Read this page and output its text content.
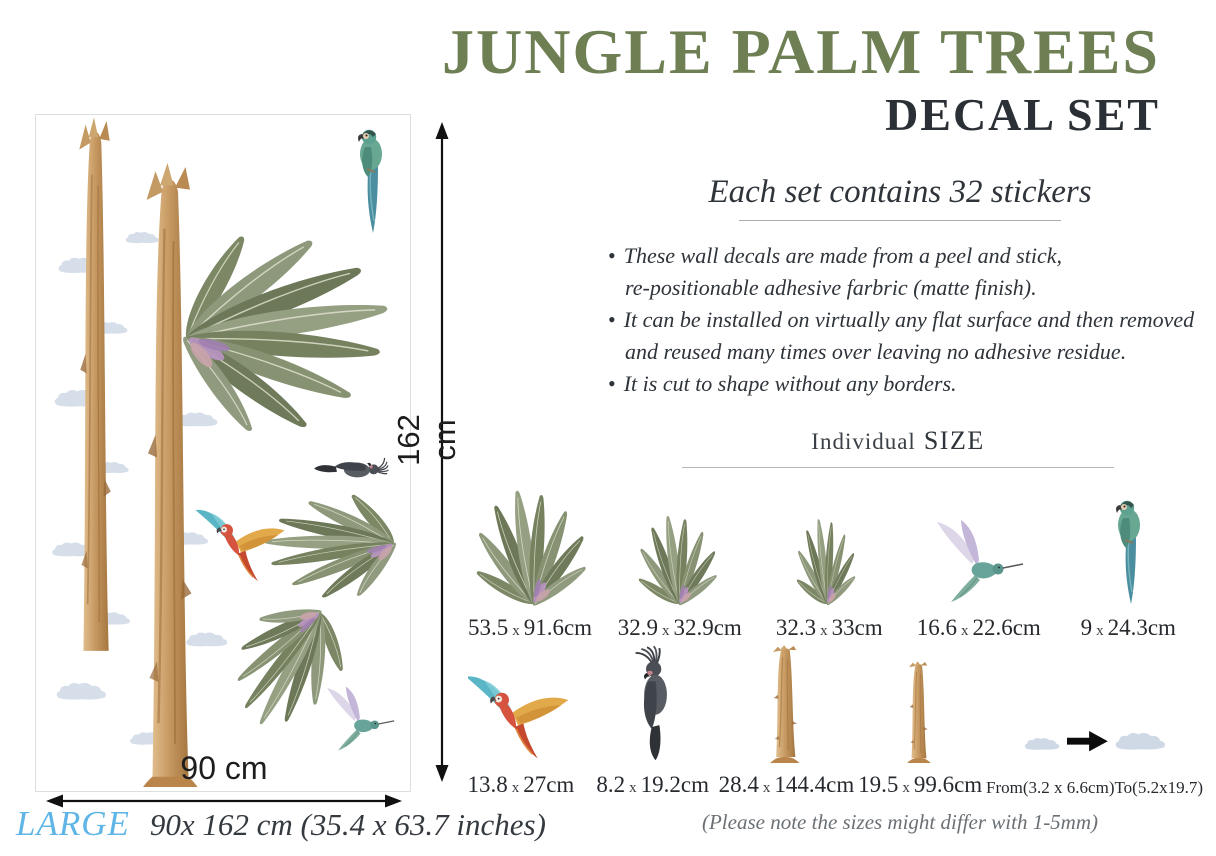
162 cm
90 cm
LARGE 90x 162 cm (35.4 x 63.7 inches)
JUNGLE PALM TREES
DECAL SET
Each set contains 32 stickers
• These wall decals are made from a peel and stick,
re-positionable adhesive farbric (matte finish).
• It can be installed on virtually any flat surface and then removed
and reused many times over leaving no adhesive residue.
• It is cut to shape without any borders.
Individual SIZE
53.5 x 91.6cm 32.9 x 32.9cm 32.3 x 33cm 16.6 x 22.6cm 9 x 24.3cm
13.8 x 27cm 8.2 x 19.2cm 28.4 x 144.4cm 19.5 x 99.6cm From(3.2 x 6.6cm)To(5.2x19.7)
(Please note the sizes might differ with 1-5mm)
